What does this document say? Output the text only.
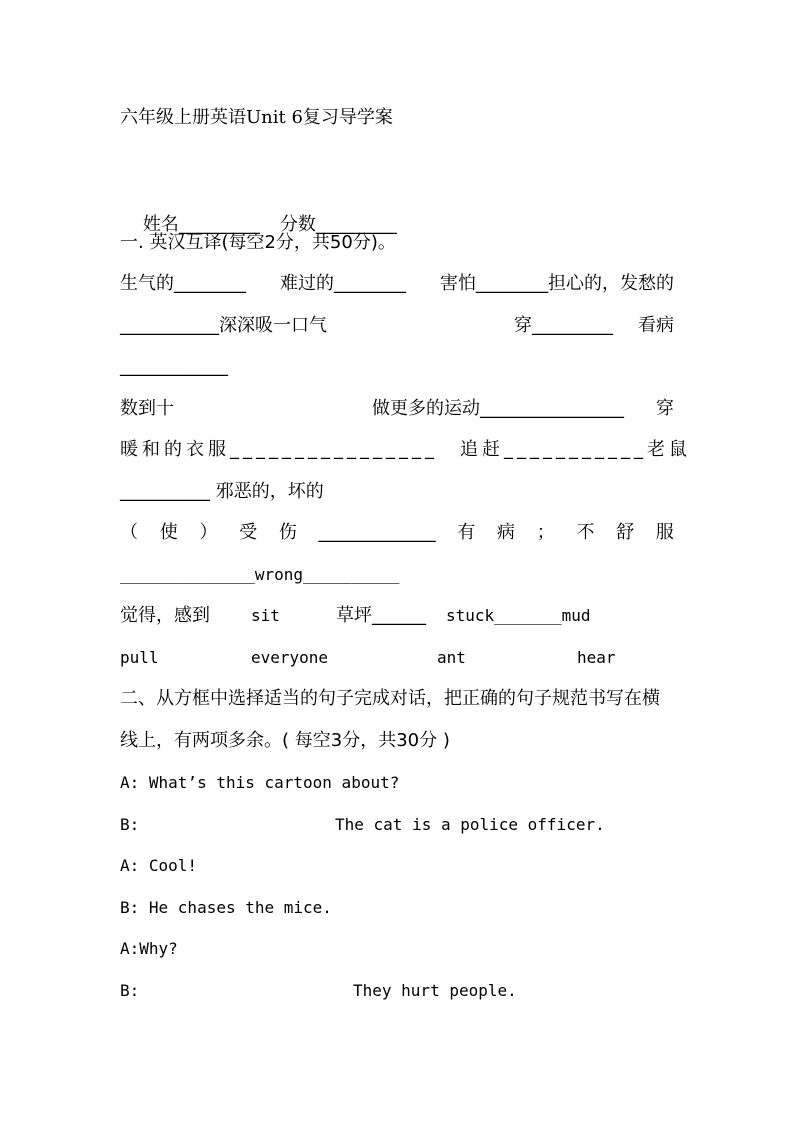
六年级上册英语Unit 6复习导学案

姓名_________ 分数_________

一. 英汉互译(每空2分，共50分)。
生气的________ 难过的________ 害怕________担心的，发愁的
___________深深吸一口气	穿_________ 看病
____________
数到十	做更多的运动________________ 穿
暖和的衣服________________ 追赶___________老鼠
__________ 邪恶的，坏的
（ 使 ） 受 伤 _____________ 有 病 ； 不 舒 服
______________wrong__________
觉得，感到	sit	草坪______ stuck_______mud
pull	everyone	ant	hear
二、从方框中选择适当的句子完成对话，把正确的句子规范书写在横
线上，有两项多余。( 每空3分，共30分 )
A: What’s this cartoon about?
B:	The cat is a police officer.
A: Cool!
B: He chases the mice.
A:Why?
B:	They hurt people.
